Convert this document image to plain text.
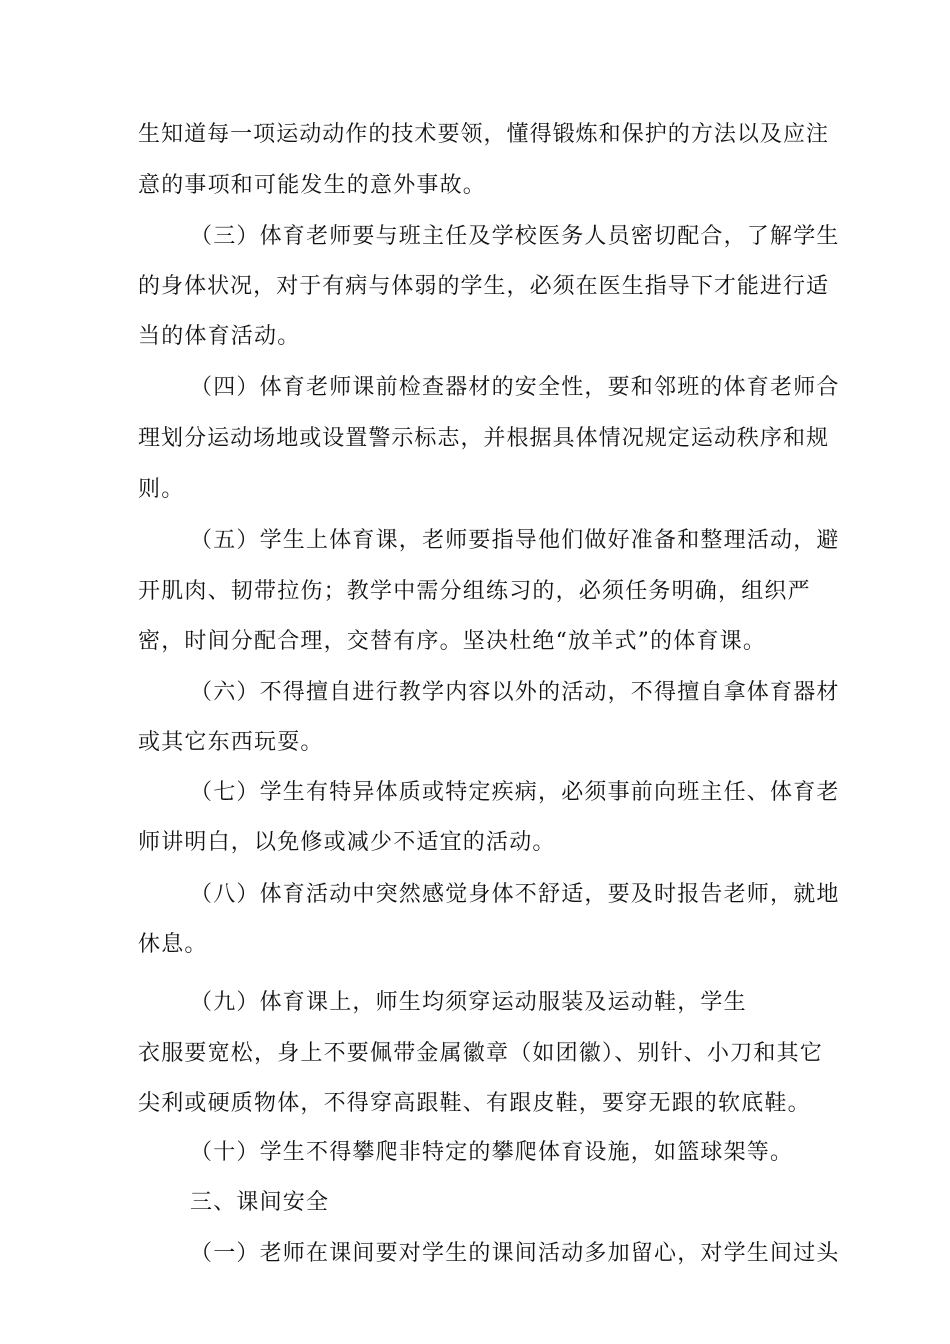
生知道每一项运动动作的技术要领，懂得锻炼和保护的方法以及应注
意的事项和可能发生的意外事故。
（三）体育老师要与班主任及学校医务人员密切配合，了解学生
的身体状况，对于有病与体弱的学生，必须在医生指导下才能进行适
当的体育活动。
（四）体育老师课前检查器材的安全性，要和邻班的体育老师合
理划分运动场地或设置警示标志，并根据具体情况规定运动秩序和规
则。
（五）学生上体育课，老师要指导他们做好准备和整理活动，避
开肌肉、韧带拉伤；教学中需分组练习的，必须任务明确，组织严
密，时间分配合理，交替有序。坚决杜绝“放羊式”的体育课。
（六）不得擅自进行教学内容以外的活动，不得擅自拿体育器材
或其它东西玩耍。
（七）学生有特异体质或特定疾病，必须事前向班主任、体育老
师讲明白，以免修或减少不适宜的活动。
（八）体育活动中突然感觉身体不舒适，要及时报告老师，就地
休息。
（九）体育课上，师生均须穿运动服装及运动鞋，学生
衣服要宽松，身上不要佩带金属徽章（如团徽）、别针、小刀和其它
尖利或硬质物体，不得穿高跟鞋、有跟皮鞋，要穿无跟的软底鞋。
（十）学生不得攀爬非特定的攀爬体育设施，如篮球架等。
三、课间安全
（一）老师在课间要对学生的课间活动多加留心，对学生间过头
